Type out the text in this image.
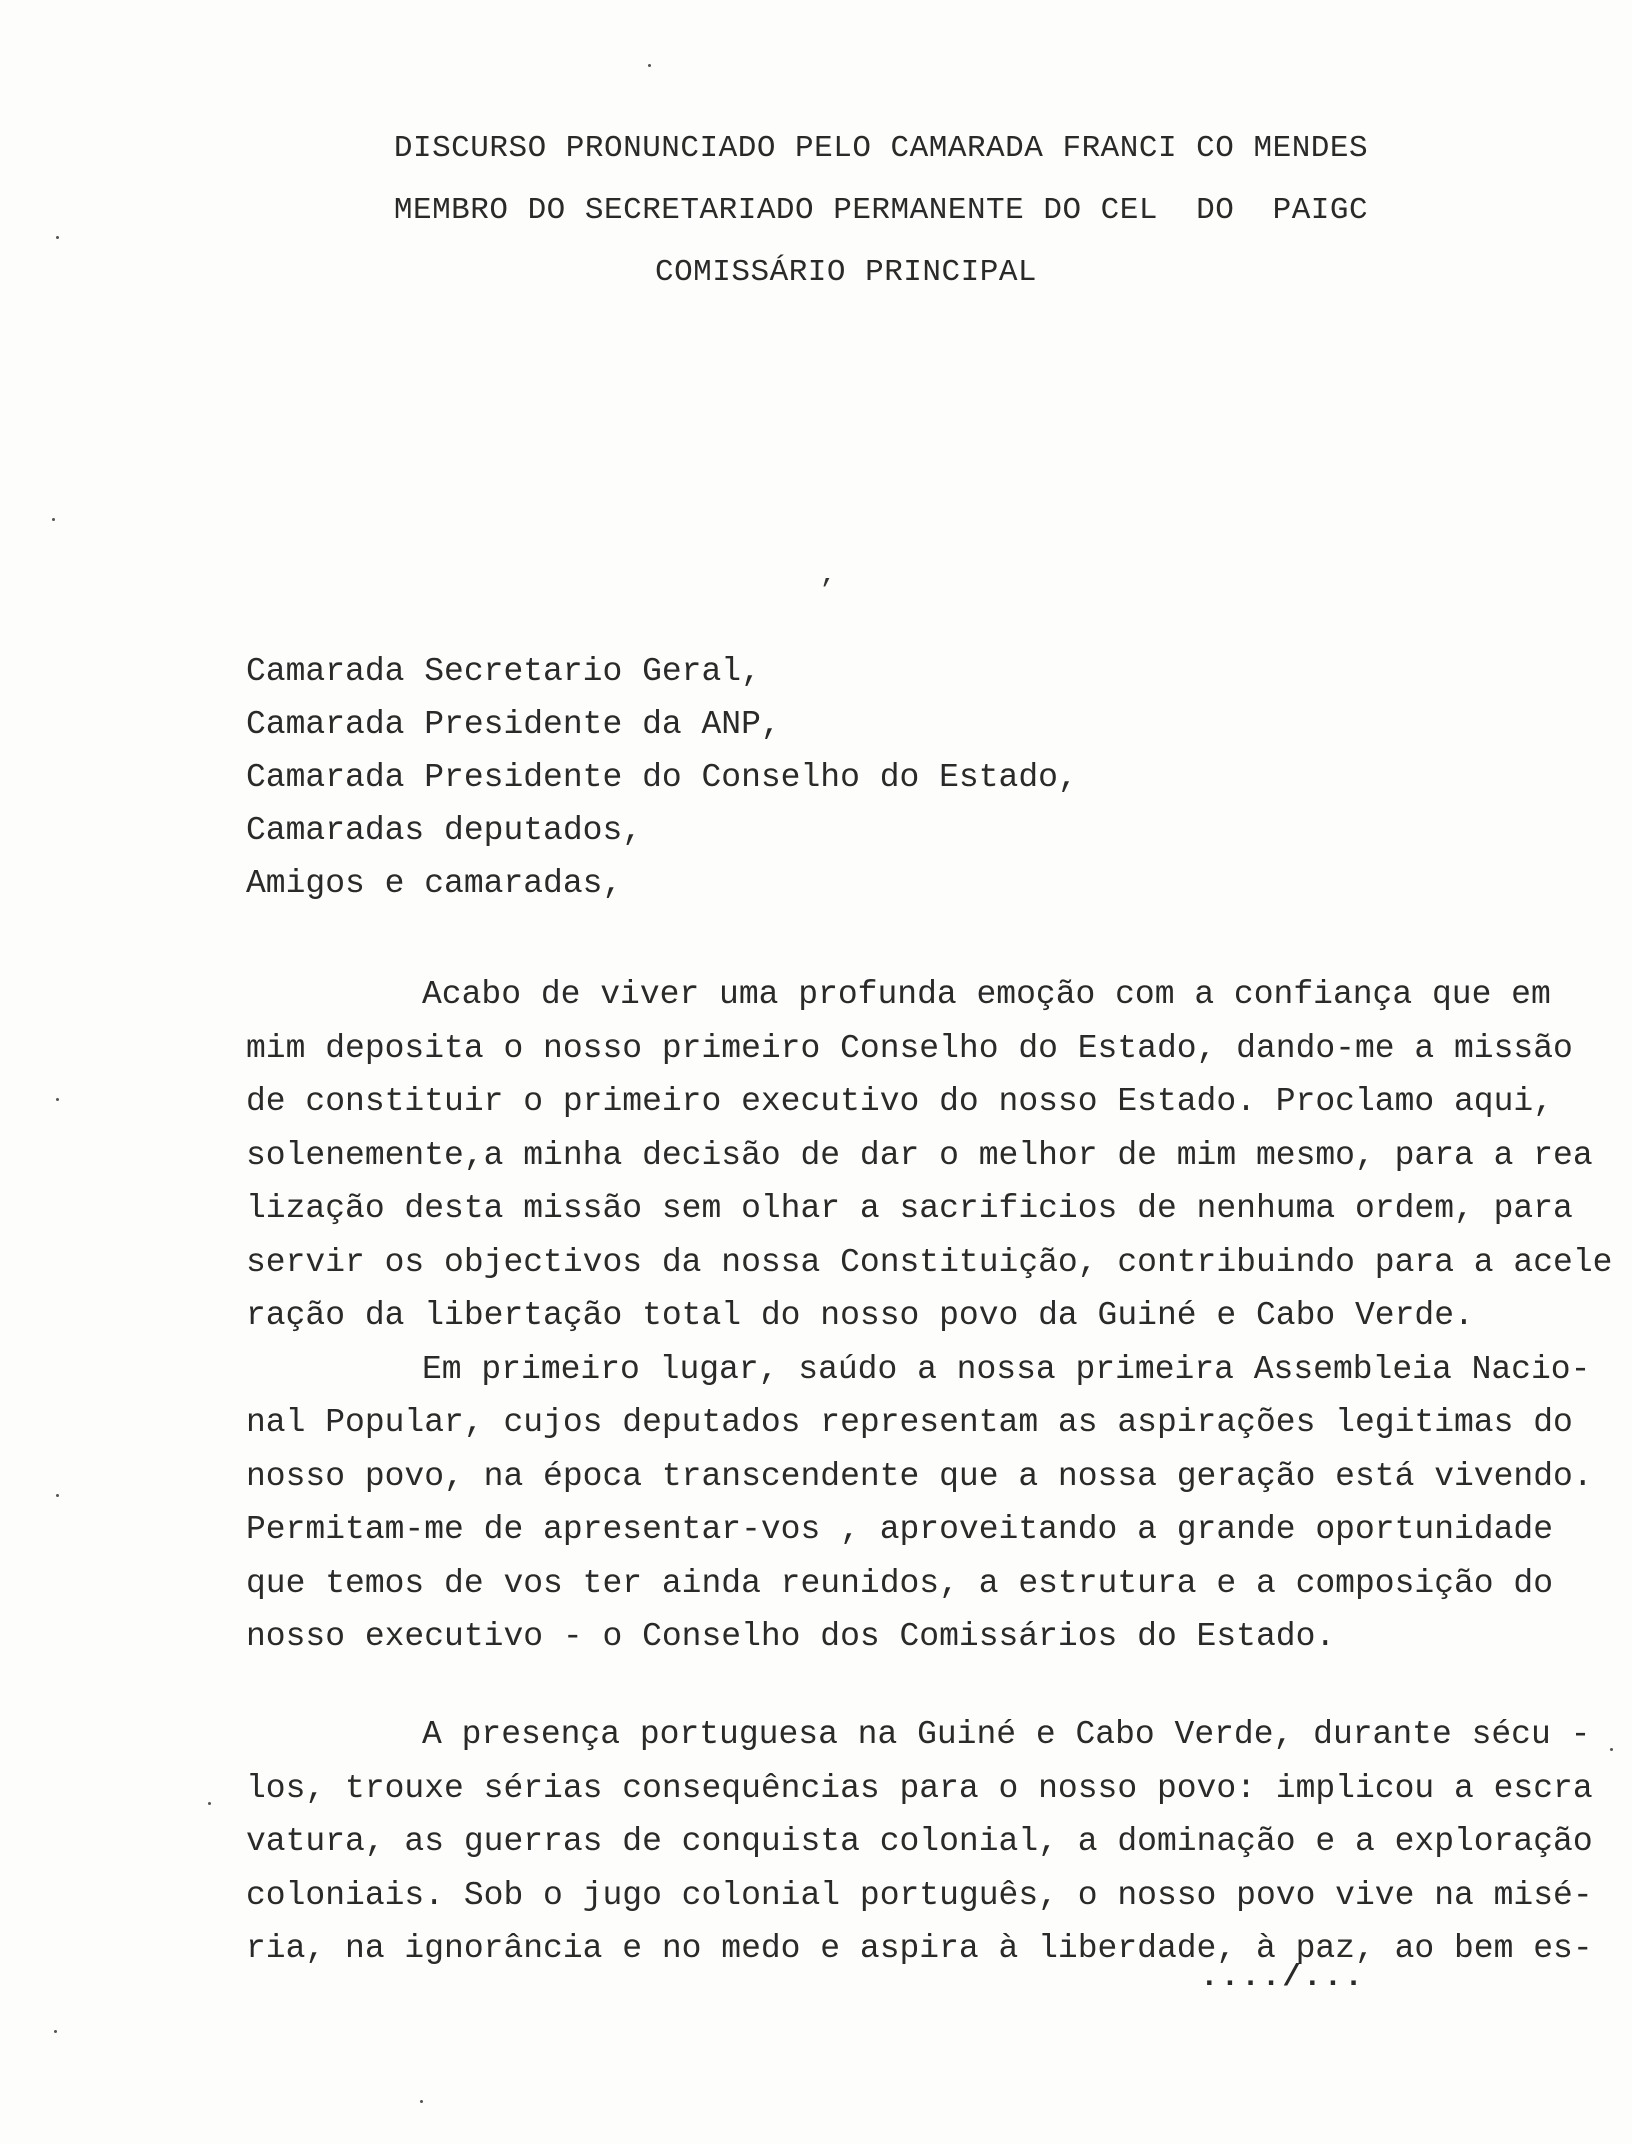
DISCURSO PRONUNCIADO PELO CAMARADA FRANCI CO MENDES
MEMBRO DO SECRETARIADO PERMANENTE DO CEL  DO  PAIGC
COMISSÁRIO PRINCIPAL
’
Camarada Secretario Geral,
Camarada Presidente da ANP,
Camarada Presidente do Conselho do Estado,
Camaradas deputados,
Amigos e camaradas,
Acabo de viver uma profunda emoção com a confiança que em
mim deposita o nosso primeiro Conselho do Estado, dando-me a missão
de constituir o primeiro executivo do nosso Estado. Proclamo aqui,
solenemente,a minha decisão de dar o melhor de mim mesmo, para a rea
lização desta missão sem olhar a sacrificios de nenhuma ordem, para
servir os objectivos da nossa Constituição, contribuindo para a acele
ração da libertação total do nosso povo da Guiné e Cabo Verde.
Em primeiro lugar, saúdo a nossa primeira Assembleia Nacio-
nal Popular, cujos deputados representam as aspirações legitimas do
nosso povo, na época transcendente que a nossa geração está vivendo.
Permitam-me de apresentar-vos , aproveitando a grande oportunidade
que temos de vos ter ainda reunidos, a estrutura e a composição do
nosso executivo - o Conselho dos Comissários do Estado.
A presença portuguesa na Guiné e Cabo Verde, durante sécu -
los, trouxe sérias consequências para o nosso povo: implicou a escra
vatura, as guerras de conquista colonial, a dominação e a exploração
coloniais. Sob o jugo colonial português, o nosso povo vive na misé-
ria, na ignorância e no medo e aspira à liberdade, à paz, ao bem es-
..../...
